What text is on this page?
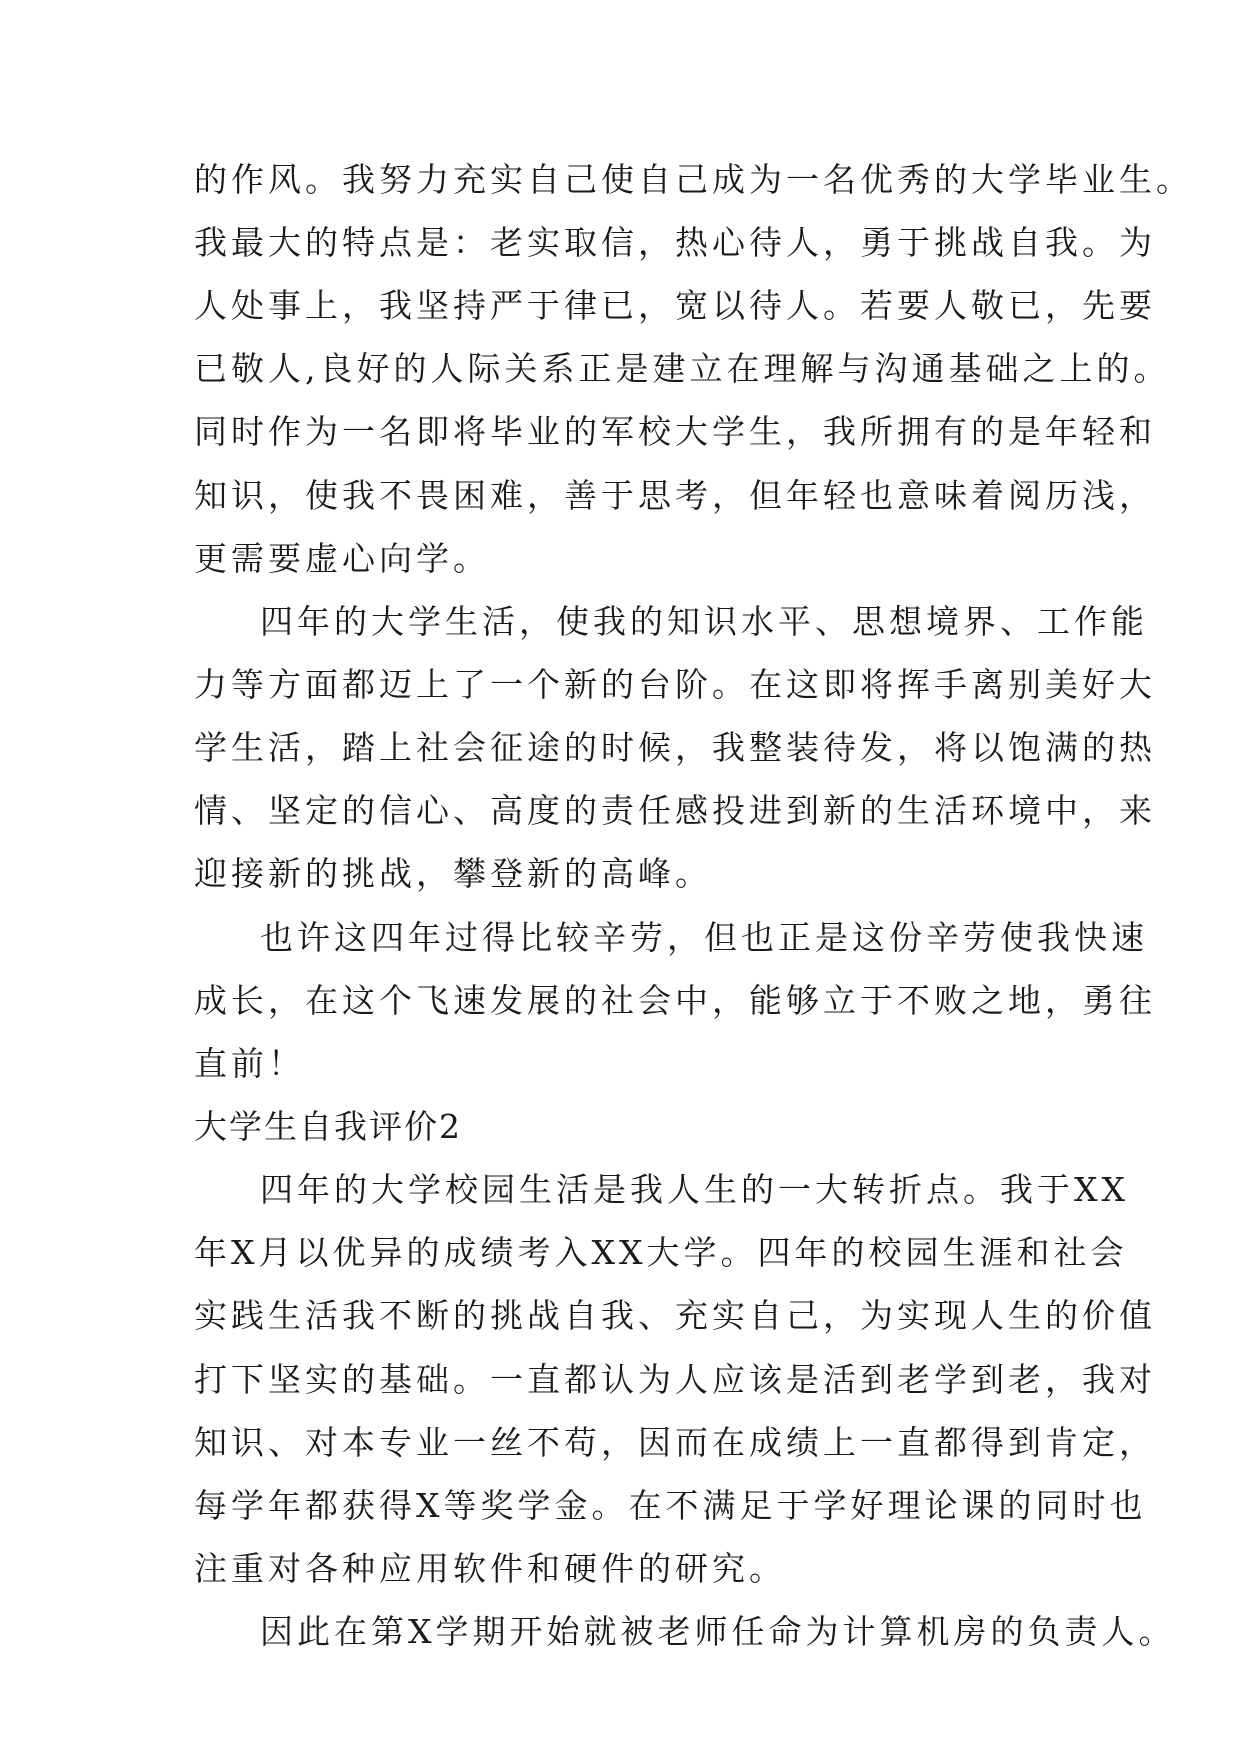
的作风。我努力充实自己使自己成为一名优秀的大学毕业生。
我最大的特点是：老实取信，热心待人，勇于挑战自我。为
人处事上，我坚持严于律已，宽以待人。若要人敬已，先要
已敬人,良好的人际关系正是建立在理解与沟通基础之上的。
同时作为一名即将毕业的军校大学生，我所拥有的是年轻和
知识，使我不畏困难，善于思考，但年轻也意味着阅历浅，
更需要虚心向学。
四年的大学生活，使我的知识水平、思想境界、工作能
力等方面都迈上了一个新的台阶。在这即将挥手离别美好大
学生活，踏上社会征途的时候，我整装待发，将以饱满的热
情、坚定的信心、高度的责任感投进到新的生活环境中，来
迎接新的挑战，攀登新的高峰。
也许这四年过得比较辛劳，但也正是这份辛劳使我快速
成长，在这个飞速发展的社会中，能够立于不败之地，勇往
直前！
大学生自我评价2
四年的大学校园生活是我人生的一大转折点。我于XX
年X月以优异的成绩考入XX大学。四年的校园生涯和社会
实践生活我不断的挑战自我、充实自己，为实现人生的价值
打下坚实的基础。一直都认为人应该是活到老学到老，我对
知识、对本专业一丝不苟，因而在成绩上一直都得到肯定，
每学年都获得X等奖学金。在不满足于学好理论课的同时也
注重对各种应用软件和硬件的研究。
因此在第X学期开始就被老师任命为计算机房的负责人。
